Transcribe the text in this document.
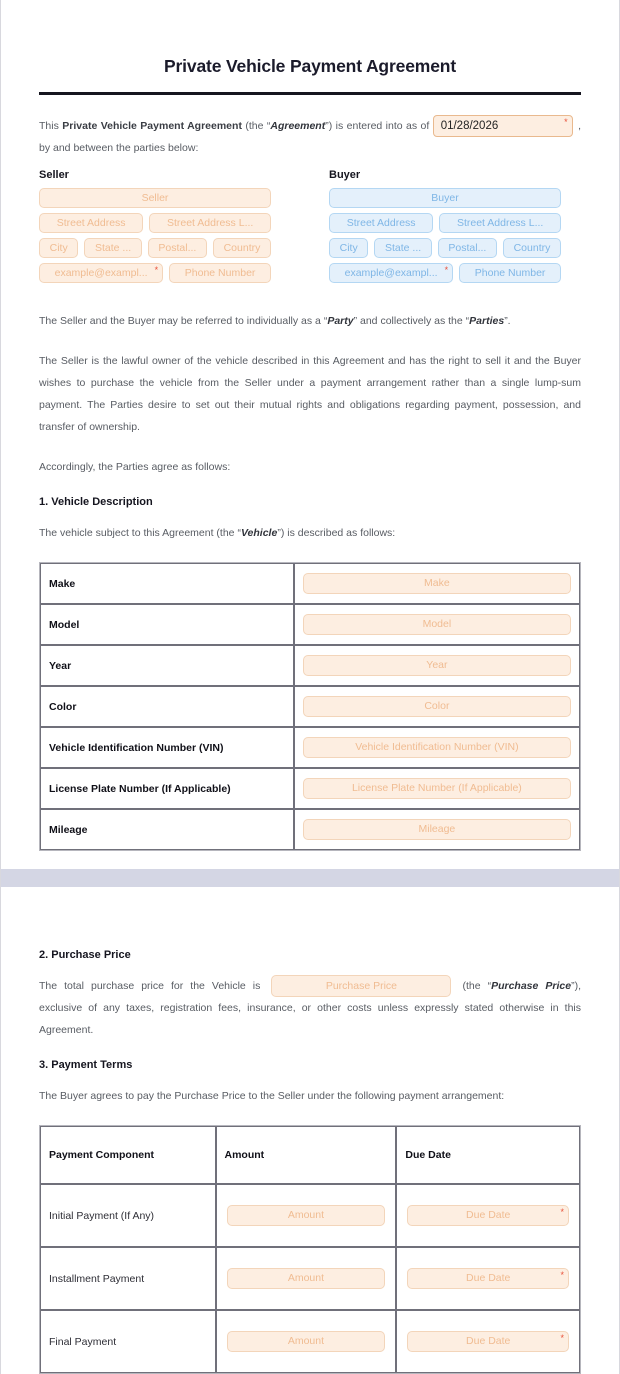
Private Vehicle Payment Agreement

This Private Vehicle Payment Agreement (the “Agreement”) is entered into as of 01/28/2026	* , by and between the parties below:

Seller
Seller
Street Address	Street Address L...
City	State ...	Postal...	Country
example@exampl... *	Phone Number
Buyer
Buyer
Street Address	Street Address L...
City	State ...	Postal...	Country
example@exampl... *	Phone Number

The Seller and the Buyer may be referred to individually as a “Party” and collectively as the “Parties”.

The Seller is the lawful owner of the vehicle described in this Agreement and has the right to sell it and the Buyer wishes to purchase the vehicle from the Seller under a payment arrangement rather than a single lump-sum payment. The Parties desire to set out their mutual rights and obligations regarding payment, possession, and transfer of ownership.

Accordingly, the Parties agree as follows:

1. Vehicle Description

The vehicle subject to this Agreement (the “Vehicle”) is described as follows:

Make	Make

Model	Model

Year	Year

Color	Color

Vehicle Identification Number (VIN)	Vehicle Identification Number (VIN)

License Plate Number (If Applicable)	License Plate Number (If Applicable)

Mileage	Mileage
2. Purchase Price

The total purchase price for the Vehicle is	Purchase Price	(the “Purchase Price”), exclusive of any taxes, registration fees, insurance, or other costs unless expressly stated otherwise in this Agreement.

3. Payment Terms

The Buyer agrees to pay the Purchase Price to the Seller under the following payment arrangement:

Payment Component	Amount	Due Date

Initial Payment (If Any)	Amount	Due Date *

Installment Payment	Amount	Due Date *

Final Payment	Amount	Due Date *
